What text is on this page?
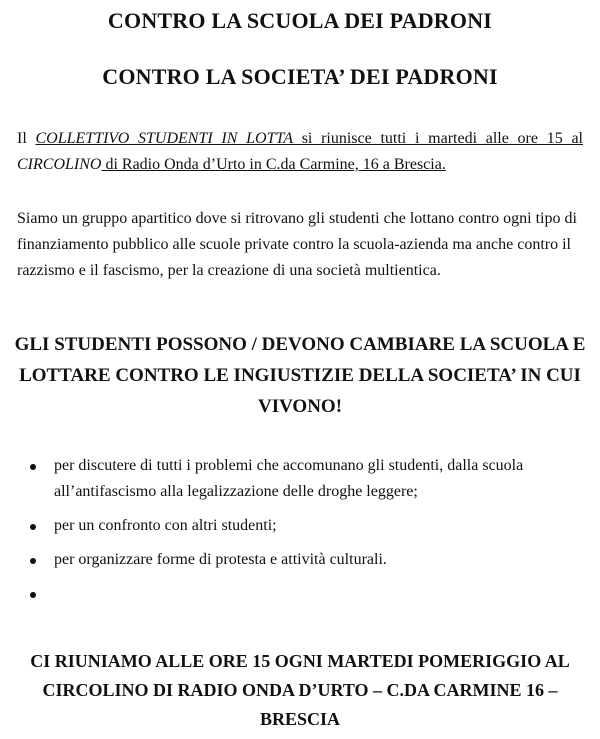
CONTRO LA SCUOLA DEI PADRONI
CONTRO LA SOCIETA’ DEI PADRONI
Il COLLETTIVO STUDENTI IN LOTTA si riunisce tutti i martedi alle ore 15 al CIRCOLINO di Radio Onda d’Urto in C.da Carmine, 16 a Brescia.
Siamo un gruppo apartitico dove si ritrovano gli studenti che lottano contro ogni tipo di finanziamento pubblico alle scuole private contro la scuola-azienda ma anche contro il razzismo e il fascismo, per la creazione di una società multientica.
GLI STUDENTI POSSONO / DEVONO CAMBIARE LA SCUOLA E LOTTARE CONTRO LE INGIUSTIZIE DELLA SOCIETA’ IN CUI VIVONO!
per discutere di tutti i problemi che accomunano gli studenti, dalla scuola all’antifascismo alla legalizzazione delle droghe leggere;
per un confronto con altri studenti;
per organizzare forme di protesta e attività culturali.
CI RIUNIAMO ALLE ORE 15 OGNI MARTEDI POMERIGGIO AL CIRCOLINO DI RADIO ONDA D’URTO – C.DA CARMINE 16 – BRESCIA
